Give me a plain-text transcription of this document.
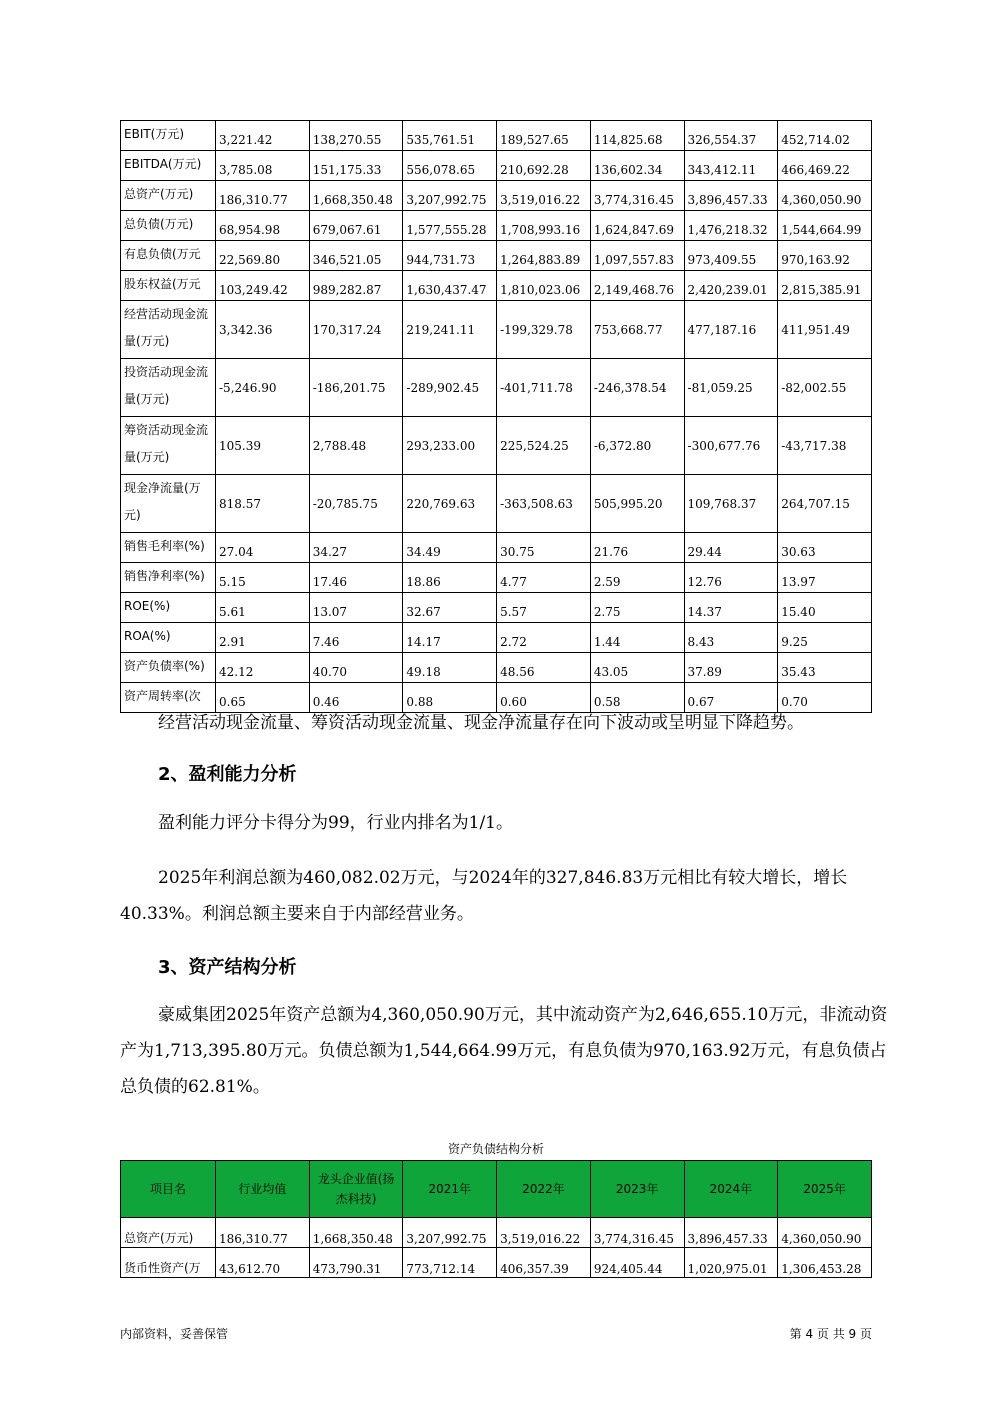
EBIT(万元)	3,221.42	138,270.55	535,761.51	189,527.65	114,825.68	326,554.37	452,714.02
EBITDA(万元)	3,785.08	151,175.33	556,078.65	210,692.28	136,602.34	343,412.11	466,469.22
总资产(万元)	186,310.77	1,668,350.48	3,207,992.75	3,519,016.22	3,774,316.45	3,896,457.33	4,360,050.90
总负债(万元)	68,954.98	679,067.61	1,577,555.28	1,708,993.16	1,624,847.69	1,476,218.32	1,544,664.99
有息负债(万元	22,569.80	346,521.05	944,731.73	1,264,883.89	1,097,557.83	973,409.55	970,163.92
股东权益(万元	103,249.42	989,282.87	1,630,437.47	1,810,023.06	2,149,468.76	2,420,239.01	2,815,385.91
经营活动现金流量(万元)	3,342.36	170,317.24	219,241.11	-199,329.78	753,668.77	477,187.16	411,951.49
投资活动现金流量(万元)	-5,246.90	-186,201.75	-289,902.45	-401,711.78	-246,378.54	-81,059.25	-82,002.55
筹资活动现金流量(万元)	105.39	2,788.48	293,233.00	225,524.25	-6,372.80	-300,677.76	-43,717.38
现金净流量(万元)	818.57	-20,785.75	220,769.63	-363,508.63	505,995.20	109,768.37	264,707.15
销售毛利率(%)	27.04	34.27	34.49	30.75	21.76	29.44	30.63
销售净利率(%)	5.15	17.46	18.86	4.77	2.59	12.76	13.97
ROE(%)	5.61	13.07	32.67	5.57	2.75	14.37	15.40
ROA(%)	2.91	7.46	14.17	2.72	1.44	8.43	9.25
资产负债率(%)	42.12	40.70	49.18	48.56	43.05	37.89	35.43
资产周转率(次	0.65	0.46	0.88	0.60	0.58	0.67	0.70

经营活动现金流量、筹资活动现金流量、现金净流量存在向下波动或呈明显下降趋势。

2、盈利能力分析

盈利能力评分卡得分为99，行业内排名为1/1。

2025年利润总额为460,082.02万元，与2024年的327,846.83万元相比有较大增长，增长40.33%。利润总额主要来自于内部经营业务。

3、资产结构分析

豪威集团2025年资产总额为4,360,050.90万元，其中流动资产为2,646,655.10万元，非流动资产为1,713,395.80万元。负债总额为1,544,664.99万元，有息负债为970,163.92万元，有息负债占总负债的62.81%。

资产负债结构分析
项目名	行业均值	龙头企业值(扬杰科技)	2021年	2022年	2023年	2024年	2025年
总资产(万元)	186,310.77	1,668,350.48	3,207,992.75	3,519,016.22	3,774,316.45	3,896,457.33	4,360,050.90
货币性资产(万	43,612.70	473,790.31	773,712.14	406,357.39	924,405.44	1,020,975.01	1,306,453.28
内部资料，妥善保管	第 4 页 共 9 页
